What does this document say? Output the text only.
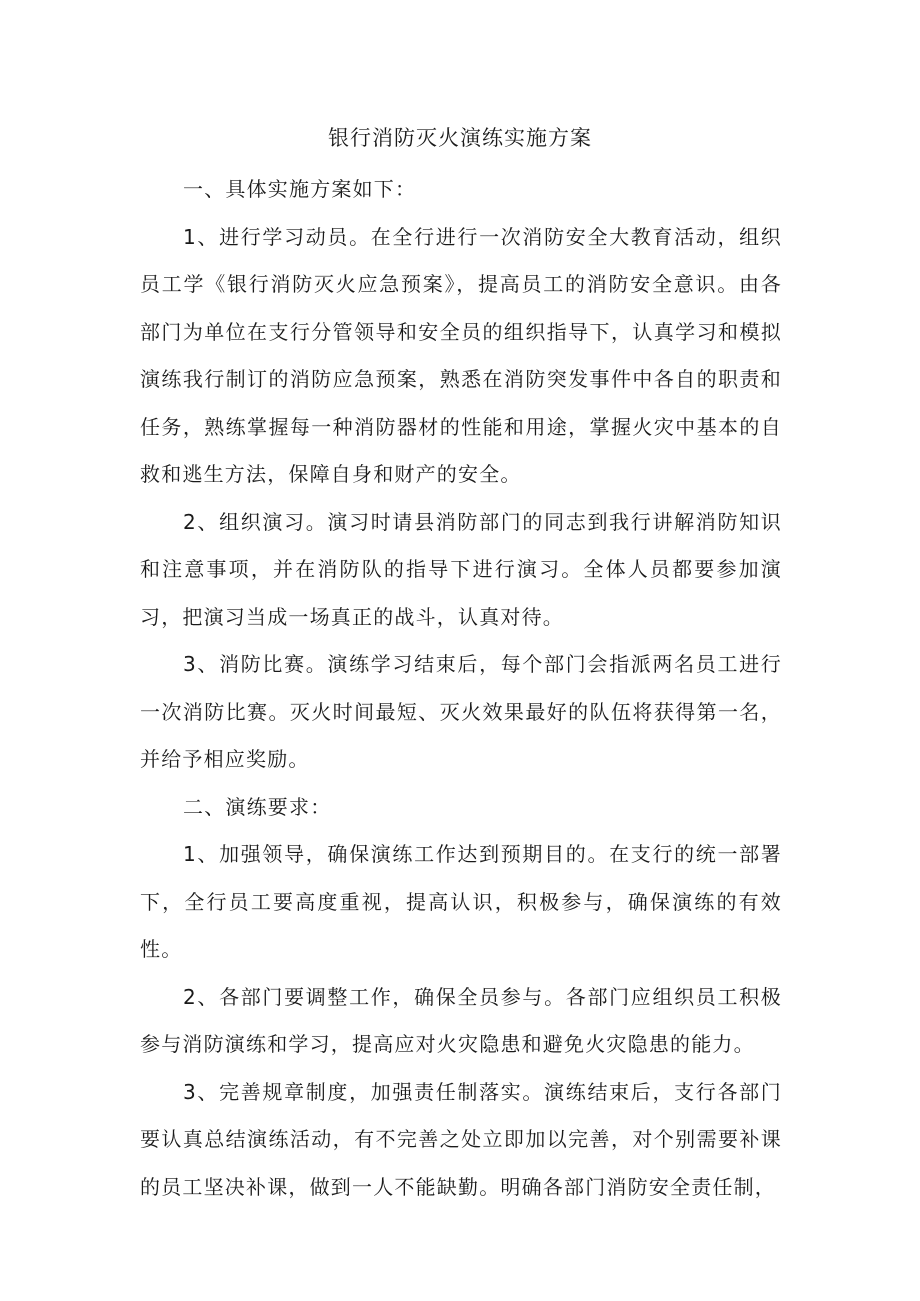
银行消防灭火演练实施方案

一、具体实施方案如下：

1、进行学习动员。在全行进行一次消防安全大教育活动，组织员工学《银行消防灭火应急预案》，提高员工的消防安全意识。由各部门为单位在支行分管领导和安全员的组织指导下，认真学习和模拟演练我行制订的消防应急预案，熟悉在消防突发事件中各自的职责和任务，熟练掌握每一种消防器材的性能和用途，掌握火灾中基本的自救和逃生方法，保障自身和财产的安全。

2、组织演习。演习时请县消防部门的同志到我行讲解消防知识和注意事项，并在消防队的指导下进行演习。全体人员都要参加演习，把演习当成一场真正的战斗，认真对待。

3、消防比赛。演练学习结束后，每个部门会指派两名员工进行一次消防比赛。灭火时间最短、灭火效果最好的队伍将获得第一名，并给予相应奖励。

二、演练要求：

1、加强领导，确保演练工作达到预期目的。在支行的统一部署下，全行员工要高度重视，提高认识，积极参与，确保演练的有效性。

2、各部门要调整工作，确保全员参与。各部门应组织员工积极参与消防演练和学习，提高应对火灾隐患和避免火灾隐患的能力。

3、完善规章制度，加强责任制落实。演练结束后，支行各部门要认真总结演练活动，有不完善之处立即加以完善，对个别需要补课的员工坚决补课，做到一人不能缺勤。明确各部门消防安全责任制，
